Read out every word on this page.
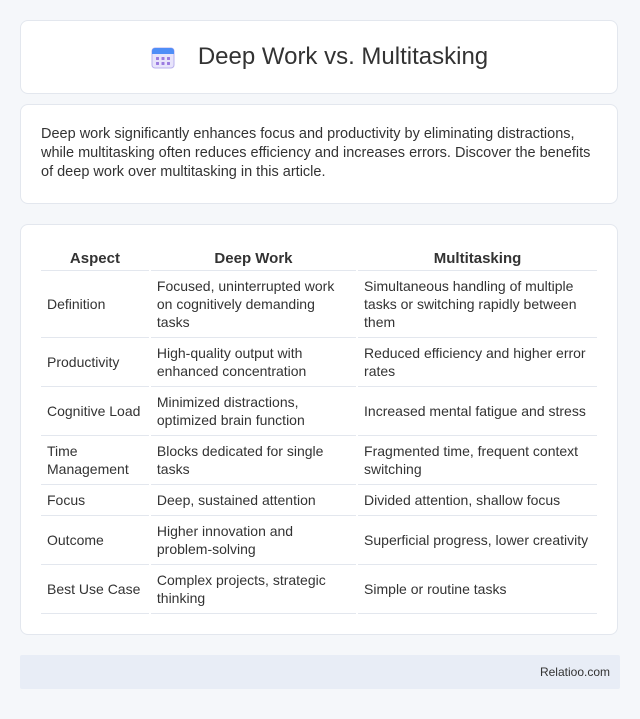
Deep Work vs. Multitasking

Deep work significantly enhances focus and productivity by eliminating distractions, while multitasking often reduces efficiency and increases errors. Discover the benefits of deep work over multitasking in this article.

Aspect	Deep Work	Multitasking
Definition	Focused, uninterrupted work on cognitively demanding tasks	Simultaneous handling of multiple tasks or switching rapidly between them
Productivity	High-quality output with enhanced concentration	Reduced efficiency and higher error rates
Cognitive Load	Minimized distractions, optimized brain function	Increased mental fatigue and stress
Time Management	Blocks dedicated for single tasks	Fragmented time, frequent context switching
Focus	Deep, sustained attention	Divided attention, shallow focus
Outcome	Higher innovation and problem-solving	Superficial progress, lower creativity
Best Use Case	Complex projects, strategic thinking	Simple or routine tasks
Relatioo.com
